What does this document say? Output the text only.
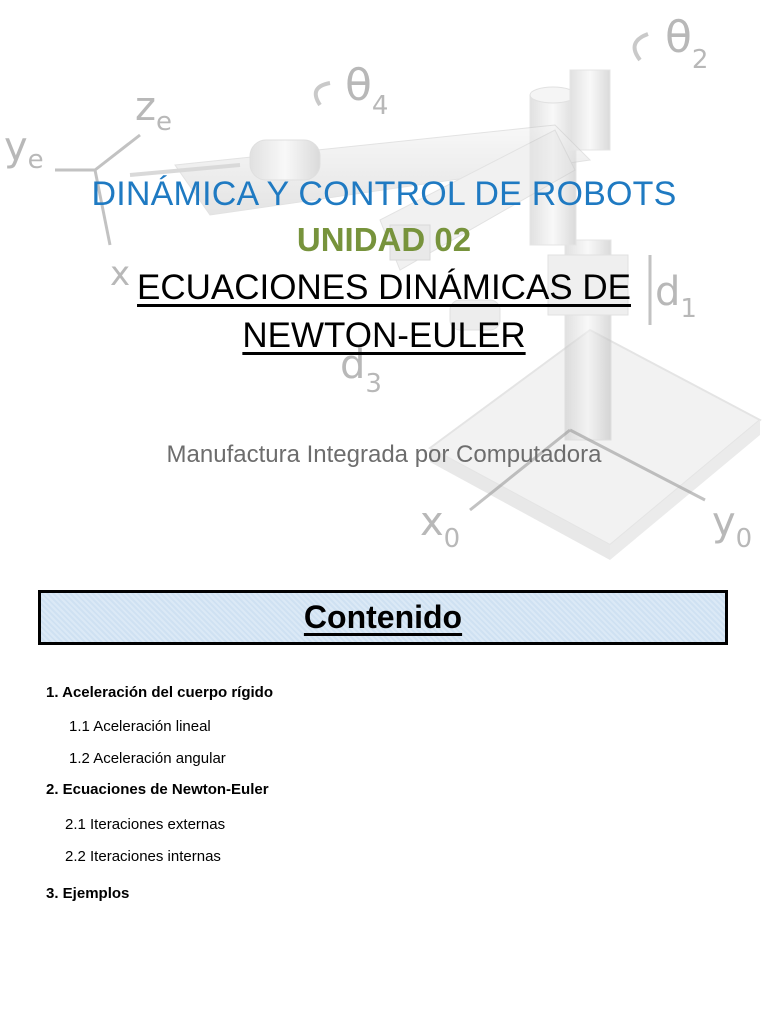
$y_e$
$z_e$
x
$\theta_4$
$\theta_2$
$d_1$
$d_3$
$x_0$	$y_0$
DINÁMICA Y CONTROL DE ROBOTS
UNIDAD 02
ECUACIONES DINÁMICAS DE
NEWTON-EULER
Manufactura Integrada por Computadora
Contenido
1. Aceleración del cuerpo rígido
1.1 Aceleración lineal
1.2 Aceleración angular
2. Ecuaciones de Newton-Euler
2.1 Iteraciones externas
2.2 Iteraciones internas
3. Ejemplos
